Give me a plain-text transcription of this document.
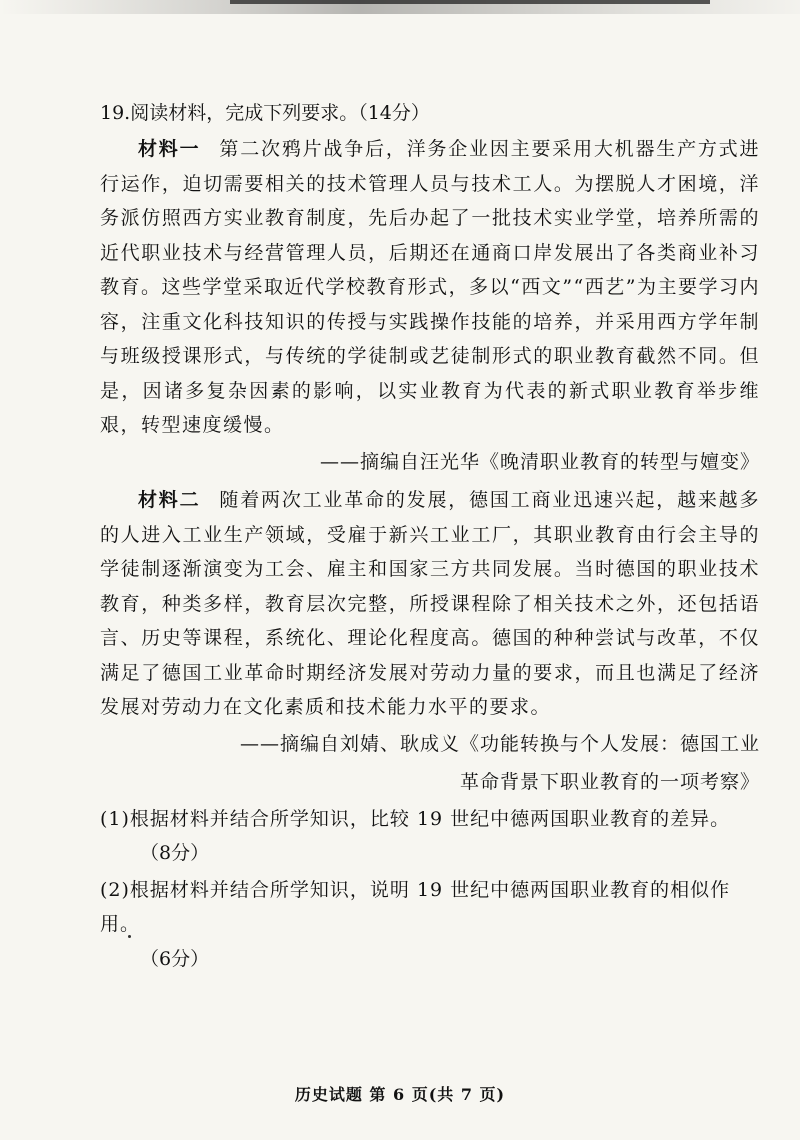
19.阅读材料，完成下列要求。（14分）

材料一 第二次鸦片战争后，洋务企业因主要采用大机器生产方式进行运作，迫切需要相关的技术管理人员与技术工人。为摆脱人才困境，洋务派仿照西方实业教育制度，先后办起了一批技术实业学堂，培养所需的近代职业技术与经营管理人员，后期还在通商口岸发展出了各类商业补习教育。这些学堂采取近代学校教育形式，多以“西文”“西艺”为主要学习内容，注重文化科技知识的传授与实践操作技能的培养，并采用西方学年制与班级授课形式，与传统的学徒制或艺徒制形式的职业教育截然不同。但是，因诸多复杂因素的影响，以实业教育为代表的新式职业教育举步维艰，转型速度缓慢。

——摘编自汪光华《晚清职业教育的转型与嬗变》

材料二 随着两次工业革命的发展，德国工商业迅速兴起，越来越多的人进入工业生产领域，受雇于新兴工业工厂，其职业教育由行会主导的学徒制逐渐演变为工会、雇主和国家三方共同发展。当时德国的职业技术教育，种类多样，教育层次完整，所授课程除了相关技术之外，还包括语言、历史等课程，系统化、理论化程度高。德国的种种尝试与改革，不仅满足了德国工业革命时期经济发展对劳动力量的要求，而且也满足了经济发展对劳动力在文化素质和技术能力水平的要求。

——摘编自刘婧、耿成义《功能转换与个人发展：德国工业

革命背景下职业教育的一项考察》

(1)根据材料并结合所学知识，比较 19 世纪中德两国职业教育的差异。

（8分）

(2)根据材料并结合所学知识，说明 19 世纪中德两国职业教育的相似作用。

（6分）

历史试题 第 6 页(共 7 页)
